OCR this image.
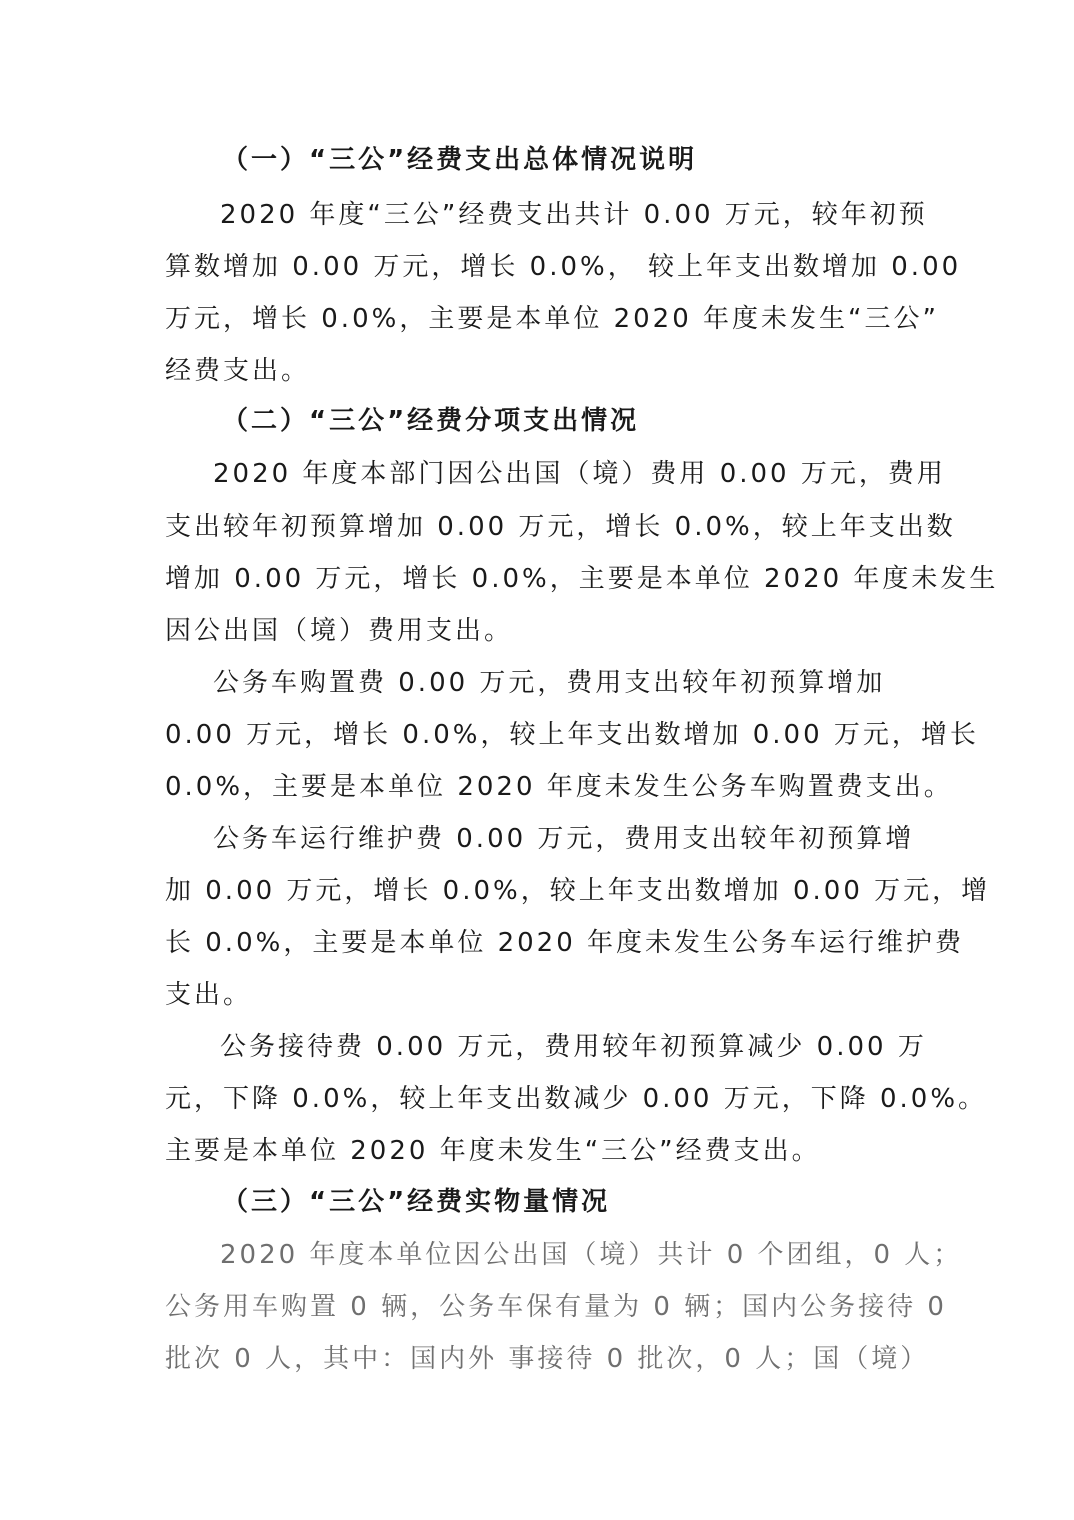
（一）“三公”经费支出总体情况说明
2020 年度“三公”经费支出共计 0.00 万元，较年初预
算数增加 0.00 万元，增长 0.0%， 较上年支出数增加 0.00
万元，增长 0.0%，主要是本单位 2020 年度未发生“三公”
经费支出。
（二）“三公”经费分项支出情况
2020 年度本部门因公出国（境）费用 0.00 万元，费用
支出较年初预算增加 0.00 万元，增长 0.0%，较上年支出数
增加 0.00 万元，增长 0.0%，主要是本单位 2020 年度未发生
因公出国（境）费用支出。
公务车购置费 0.00 万元，费用支出较年初预算增加
0.00 万元，增长 0.0%，较上年支出数增加 0.00 万元，增长
0.0%，主要是本单位 2020 年度未发生公务车购置费支出。
公务车运行维护费 0.00 万元，费用支出较年初预算增
加 0.00 万元，增长 0.0%，较上年支出数增加 0.00 万元，增
长 0.0%，主要是本单位 2020 年度未发生公务车运行维护费
支出。
公务接待费 0.00 万元，费用较年初预算减少 0.00 万
元，下降 0.0%，较上年支出数减少 0.00 万元，下降 0.0%。
主要是本单位 2020 年度未发生“三公”经费支出。
（三）“三公”经费实物量情况
2020 年度本单位因公出国（境）共计 0 个团组，0 人；
公务用车购置 0 辆，公务车保有量为 0 辆；国内公务接待 0
批次 0 人，其中：国内外 事接待 0 批次，0 人；国（境）
